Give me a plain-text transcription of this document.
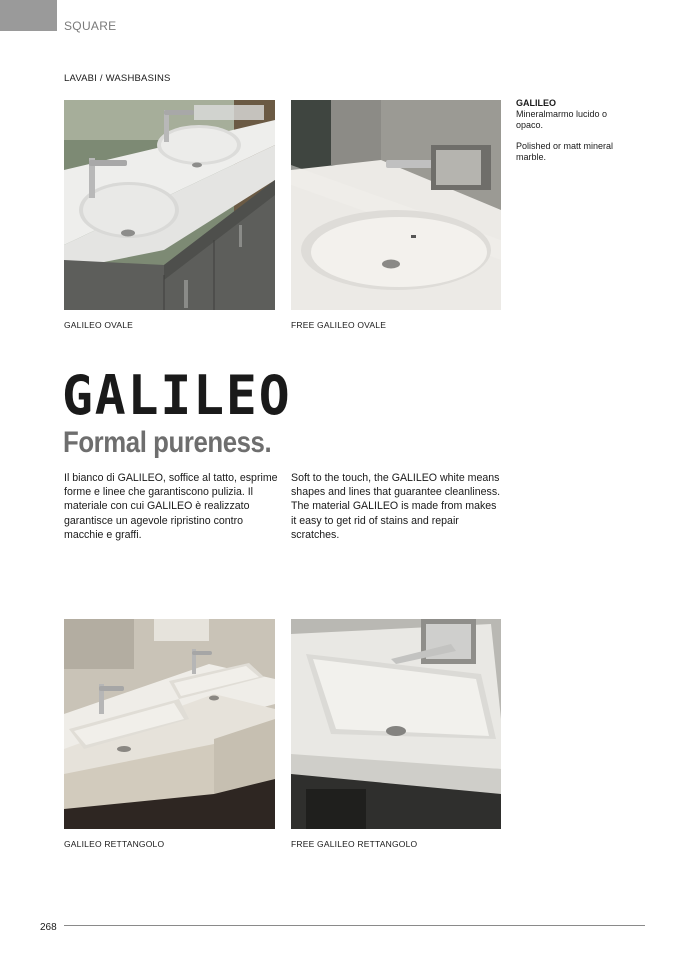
SQUARE
LAVABI / WASHBASINS
GALILEO OVALE	FREE GALILEO OVALE
GALILEO
Mineralmarmo lucido o opaco.
Polished or matt mineral marble.
GALILEO
Formal pureness.
Il bianco di GALILEO, soffice al tatto, esprime forme e linee che garantiscono pulizia. Il materiale con cui GALILEO è realizzato garantisce un agevole ripristino contro macchie e graffi.
Soft to the touch, the GALILEO white means shapes and lines that guarantee cleanliness. The material GALILEO is made from makes it easy to get rid of stains and repair scratches.
GALILEO RETTANGOLO	FREE GALILEO RETTANGOLO
268
